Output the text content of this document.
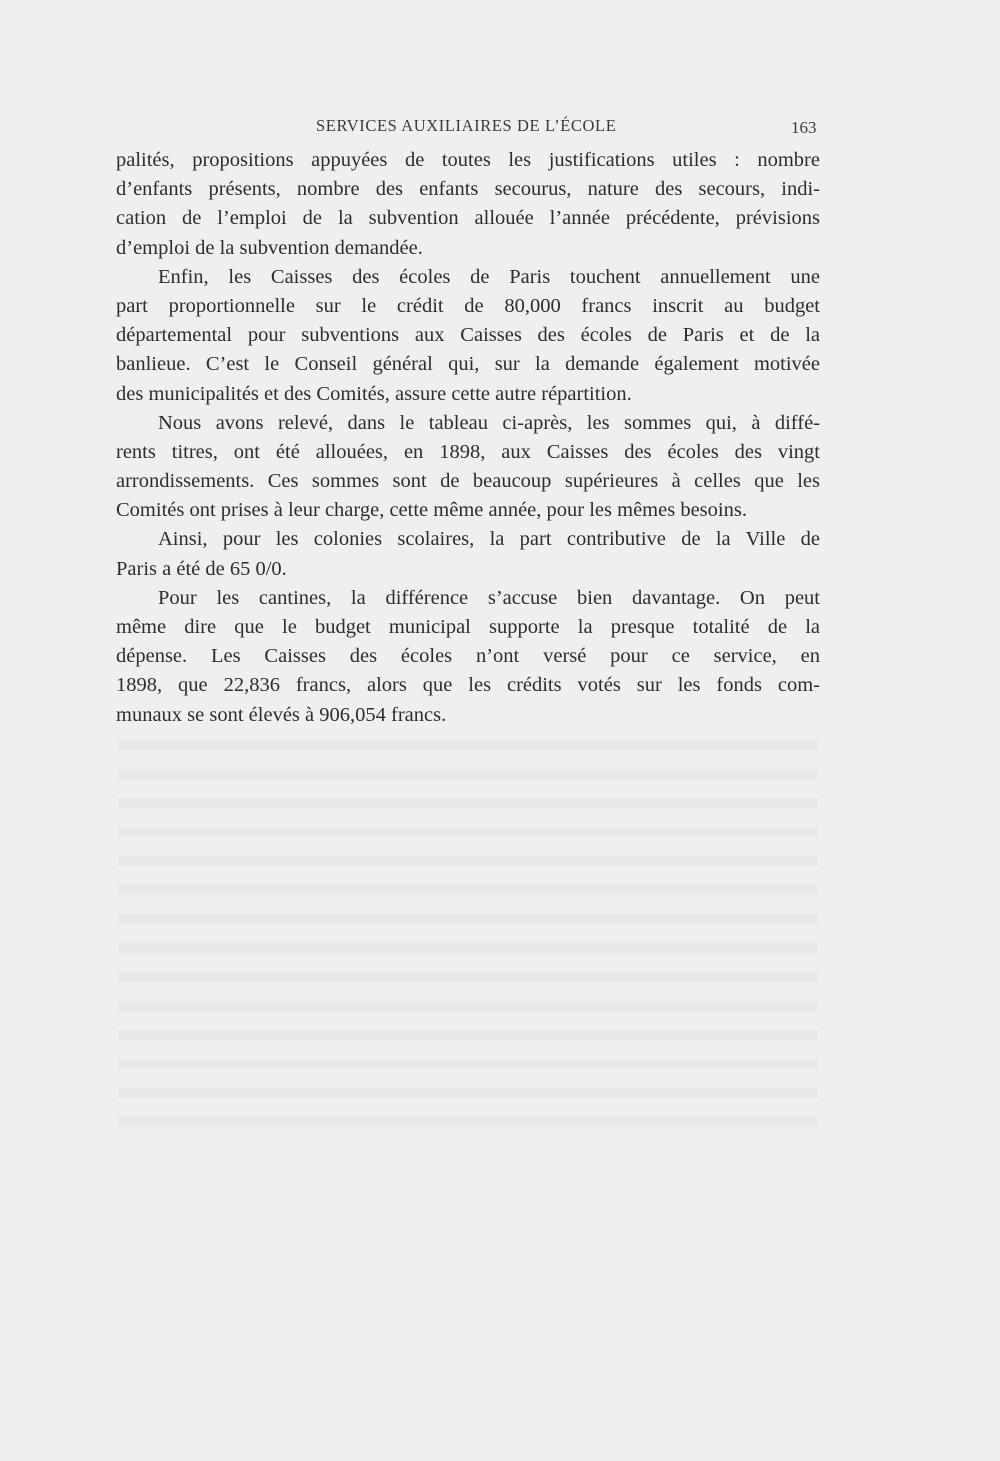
SERVICES AUXILIAIRES DE L’ÉCOLE	163
palités, propositions appuyées de toutes les justifications utiles : nombre
d’enfants présents, nombre des enfants secourus, nature des secours, indi-
cation de l’emploi de la subvention allouée l’année précédente, prévisions
d’emploi de la subvention demandée.
Enfin, les Caisses des écoles de Paris touchent annuellement une
part proportionnelle sur le crédit de 80,000 francs inscrit au budget
départemental pour subventions aux Caisses des écoles de Paris et de la
banlieue. C’est le Conseil général qui, sur la demande également motivée
des municipalités et des Comités, assure cette autre répartition.
Nous avons relevé, dans le tableau ci-après, les sommes qui, à diffé-
rents titres, ont été allouées, en 1898, aux Caisses des écoles des vingt
arrondissements. Ces sommes sont de beaucoup supérieures à celles que les
Comités ont prises à leur charge, cette même année, pour les mêmes besoins.
Ainsi, pour les colonies scolaires, la part contributive de la Ville de
Paris a été de 65 0/0.
Pour les cantines, la différence s’accuse bien davantage. On peut
même dire que le budget municipal supporte la presque totalité de la
dépense. Les Caisses des écoles n’ont versé pour ce service, en
1898, que 22,836 francs, alors que les crédits votés sur les fonds com-
munaux se sont élevés à 906,054 francs.
